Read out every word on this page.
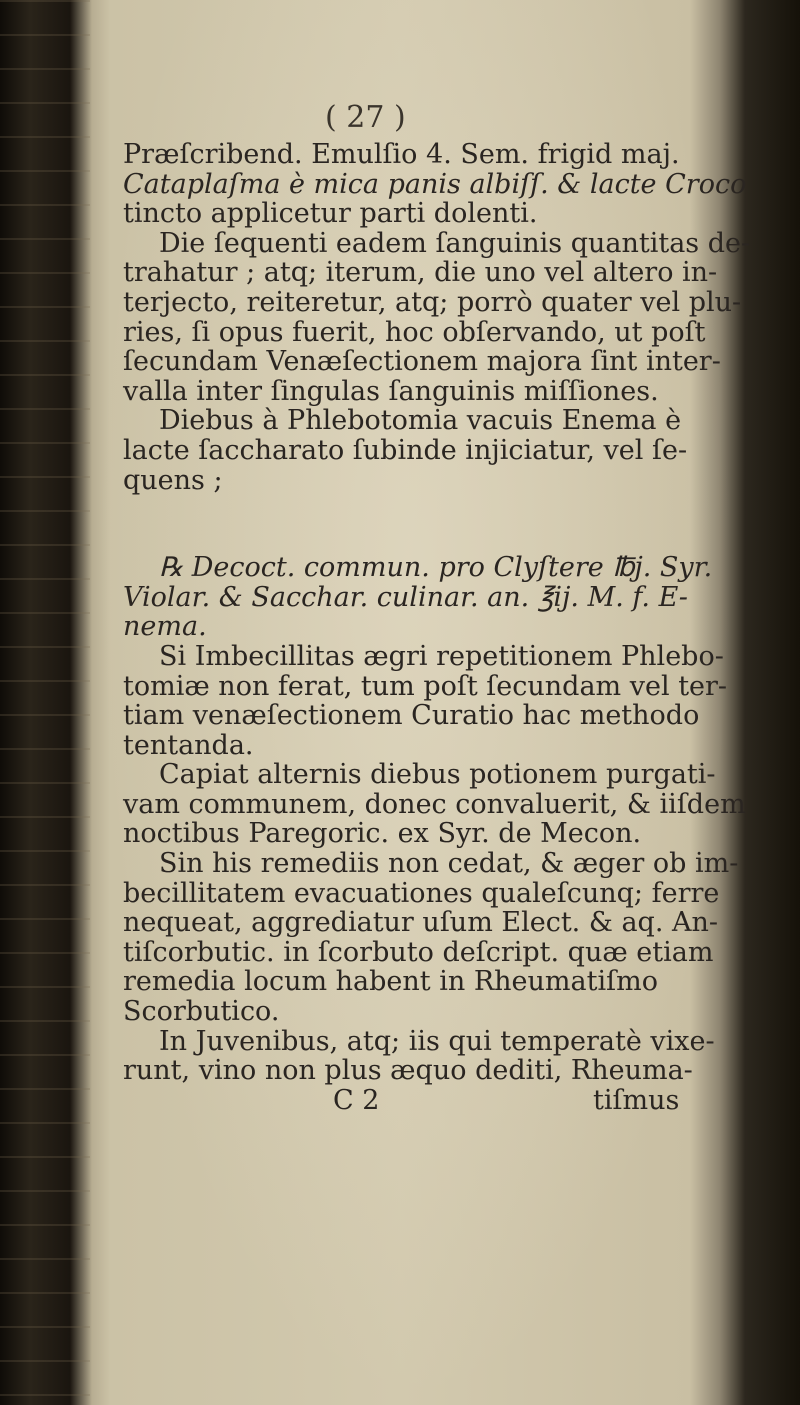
( 27 )
Præſcribend. Emulſio 4. Sem. frigid maj.
Cataplaſma è mica panis albiſſ. & lacte Croco
tincto applicetur parti dolenti.
Die ſequenti eadem ſanguinis quantitas de-
trahatur ; atq; iterum, die uno vel altero in-
terjecto, reiteretur, atq; porrò quater vel plu-
ries, ſi opus fuerit, hoc obſervando, ut poſt
ſecundam Venæſectionem majora ſint inter-
valla inter ſingulas ſanguinis miſſiones.
Diebus à Phlebotomia vacuis Enema è
lacte ſaccharato ſubinde injiciatur, vel ſe-
quens ;
℞ Decoct. commun. pro Clyſtere ℔j. Syr.
Violar. & Sacchar. culinar. an. ℥ij. M. f. E-
nema.
Si Imbecillitas ægri repetitionem Phlebo-
tomiæ non ferat, tum poſt ſecundam vel ter-
tiam venæſectionem Curatio hac methodo
tentanda.
Capiat alternis diebus potionem purgati-
vam communem, donec convaluerit, & iiſdem
noctibus Paregoric. ex Syr. de Mecon.
Sin his remediis non cedat, & æger ob im-
becillitatem evacuationes qualeſcunq; ferre
nequeat, aggrediatur uſum Elect. & aq. An-
tiſcorbutic. in ſcorbuto deſcript. quæ etiam
remedia locum habent in Rheumatiſmo
Scorbutico.
In Juvenibus, atq; iis qui temperatè vixe-
runt, vino non plus æquo dediti, Rheuma-
C 2	tiſmus
